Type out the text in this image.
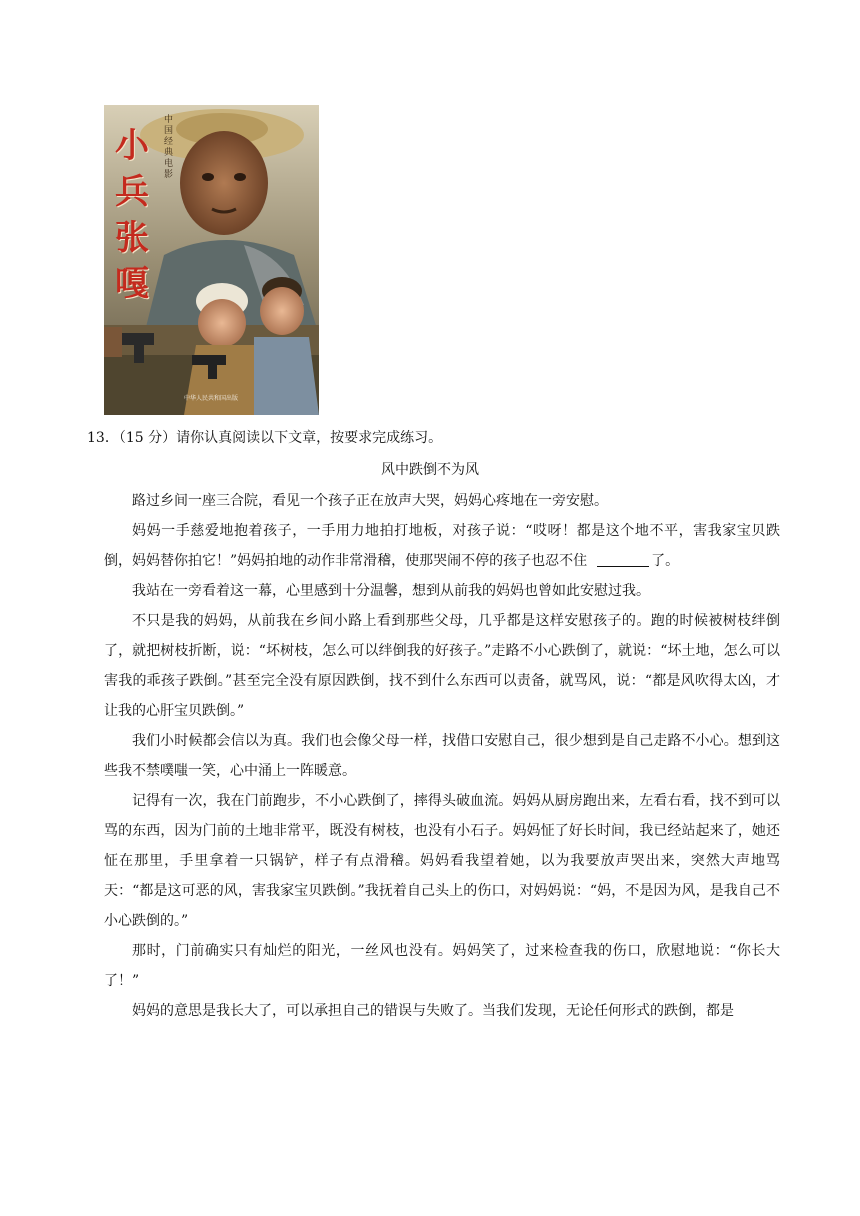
小兵张嘎
中国经典电影
中华人民共和国出版
13．（15 分）请你认真阅读以下文章，按要求完成练习。
风中跌倒不为风

路过乡间一座三合院，看见一个孩子正在放声大哭，妈妈心疼地在一旁安慰。

妈妈一手慈爱地抱着孩子，一手用力地拍打地板，对孩子说：“哎呀！都是这个地不平，害我家宝贝跌倒，妈妈替你拍它！”妈妈拍地的动作非常滑稽，使那哭闹不停的孩子也忍不住	了。

我站在一旁看着这一幕，心里感到十分温馨，想到从前我的妈妈也曾如此安慰过我。

不只是我的妈妈，从前我在乡间小路上看到那些父母，几乎都是这样安慰孩子的。跑的时候被树枝绊倒了，就把树枝折断，说：“坏树枝，怎么可以绊倒我的好孩子。”走路不小心跌倒了，就说：“坏土地，怎么可以害我的乖孩子跌倒。”甚至完全没有原因跌倒，找不到什么东西可以责备，就骂风，说：“都是风吹得太凶，才让我的心肝宝贝跌倒。”

我们小时候都会信以为真。我们也会像父母一样，找借口安慰自己，很少想到是自己走路不小心。想到这些我不禁噗嗤一笑，心中涌上一阵暖意。

记得有一次，我在门前跑步，不小心跌倒了，摔得头破血流。妈妈从厨房跑出来，左看右看，找不到可以骂的东西，因为门前的土地非常平，既没有树枝，也没有小石子。妈妈怔了好长时间，我已经站起来了，她还怔在那里，手里拿着一只锅铲，样子有点滑稽。妈妈看我望着她，以为我要放声哭出来，突然大声地骂天：“都是这可恶的风，害我家宝贝跌倒。”我抚着自己头上的伤口，对妈妈说：“妈，不是因为风，是我自己不小心跌倒的。”

那时，门前确实只有灿烂的阳光，一丝风也没有。妈妈笑了，过来检查我的伤口，欣慰地说：“你长大了！”

妈妈的意思是我长大了，可以承担自己的错误与失败了。当我们发现，无论任何形式的跌倒，都是
